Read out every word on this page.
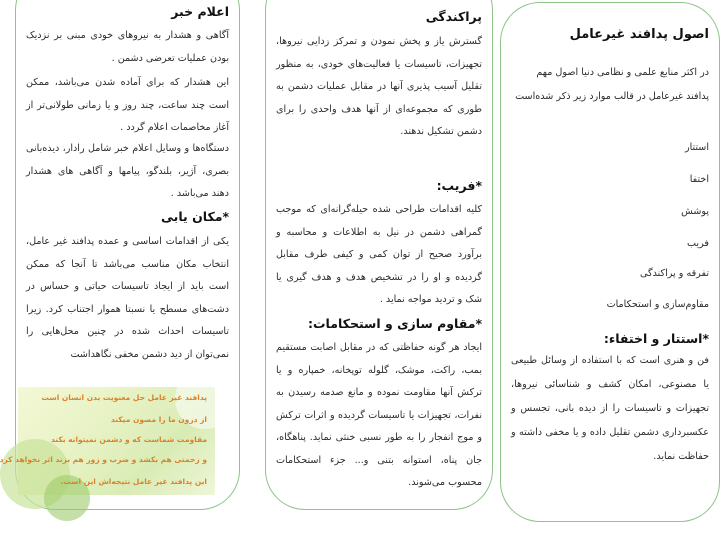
اصول پدافند غیرعامل

در اکثر منابع علمی و نظامی دنیا اصول مهم پدافند غیرعامل در قالب موارد زیر ذکر شده‌است

استتار
اختفا
پوشش
فریب
تفرقه و پراکندگی
مقاوم‌سازی و استحکامات
*استتار و اختفاء:

فن و هنری است که با استفاده از وسائل طبیعی یا مصنوعی، امکان کشف و شناسائی نیروها، تجهیزات و تاسیسات را از دیده بانی، تجسس و عکسبرداری دشمن تقلیل داده و یا مخفی داشته و حفاظت نماید.

پراکندگی

گسترش یاز و پخش نمودن و تمرکز زدایی نیروها، تجهیزات، تاسیسات یا فعالیت‌های خودی، به منظور تقلیل آسیب پذیری آنها در مقابل عملیات دشمن به طوری که مجموعه‌ای از آنها هدف واحدی را برای دشمن تشکیل ندهند.

*فریب:

کلیه اقدامات طراحی شده حیله‌گرانه‌ای که موجب گمراهی دشمن در نیل به اطلاعات و محاسبه و برآورد صحیح از توان کمی و کیفی طرف مقابل گردیده و او را در تشخیص هدف و هدف گیری یا شک و تردید مواجه نماید .

*مقاوم سازی و استحکامات:

ایجاد هر گونه حفاظتی که در مقابل اصابت مستقیم بمب، راکت، موشک، گلوله توپخانه، خمپاره و یا ترکش آنها مقاومت نموده و مانع صدمه رسیدن به نفرات، تجهیزات یا تاسیسات گردیده و اثرات ترکش و موج انفجار را به طور نسبی خنثی نماید. پناهگاه، جان پناه، استوانه بتنی و... جزء استحکامات محسوب می‌شوند.

اعلام خبر

آگاهی و هشدار به نیروهای خودی مبنی بر نزدیک بودن عملیات تعرضی دشمن .

این هشدار که برای آماده شدن می‌باشد، ممکن است چند ساعت، چند روز و یا زمانی طولانی‌تر از آغاز مخاصمات اعلام گردد .

دستگاه‌ها و وسایل اعلام خبر شامل رادار، دیده‌بانی بصری، آژیر، بلندگو، پیامها و آگاهی های هشدار دهند می‌باشد .

*مکان یابی

یکی از اقدامات اساسی و عمده پدافند غیر عامل، انتخاب مکان مناسب می‌باشد تا آنجا که ممکن است باید از ایجاد تاسیسات حیاتی و حساس در دشت‌های مسطح یا نسبتا هموار اجتناب کرد. زیرا تاسیسات احداث شده در چنین محل‌هایی را نمی‌توان از دید دشمن مخفی نگاهداشت

پدافند غیر عامل حل معنویت بدن انسان است
از درون ما را مصون میکند
مقاومت شماست که و دشمن نمیتوانه بکند
و زحمتی هم بکشد و ضرب و زور هم بزند اثر نخواهد کرد
این پدافند غیر عامل نتیجه‌اش این است.
